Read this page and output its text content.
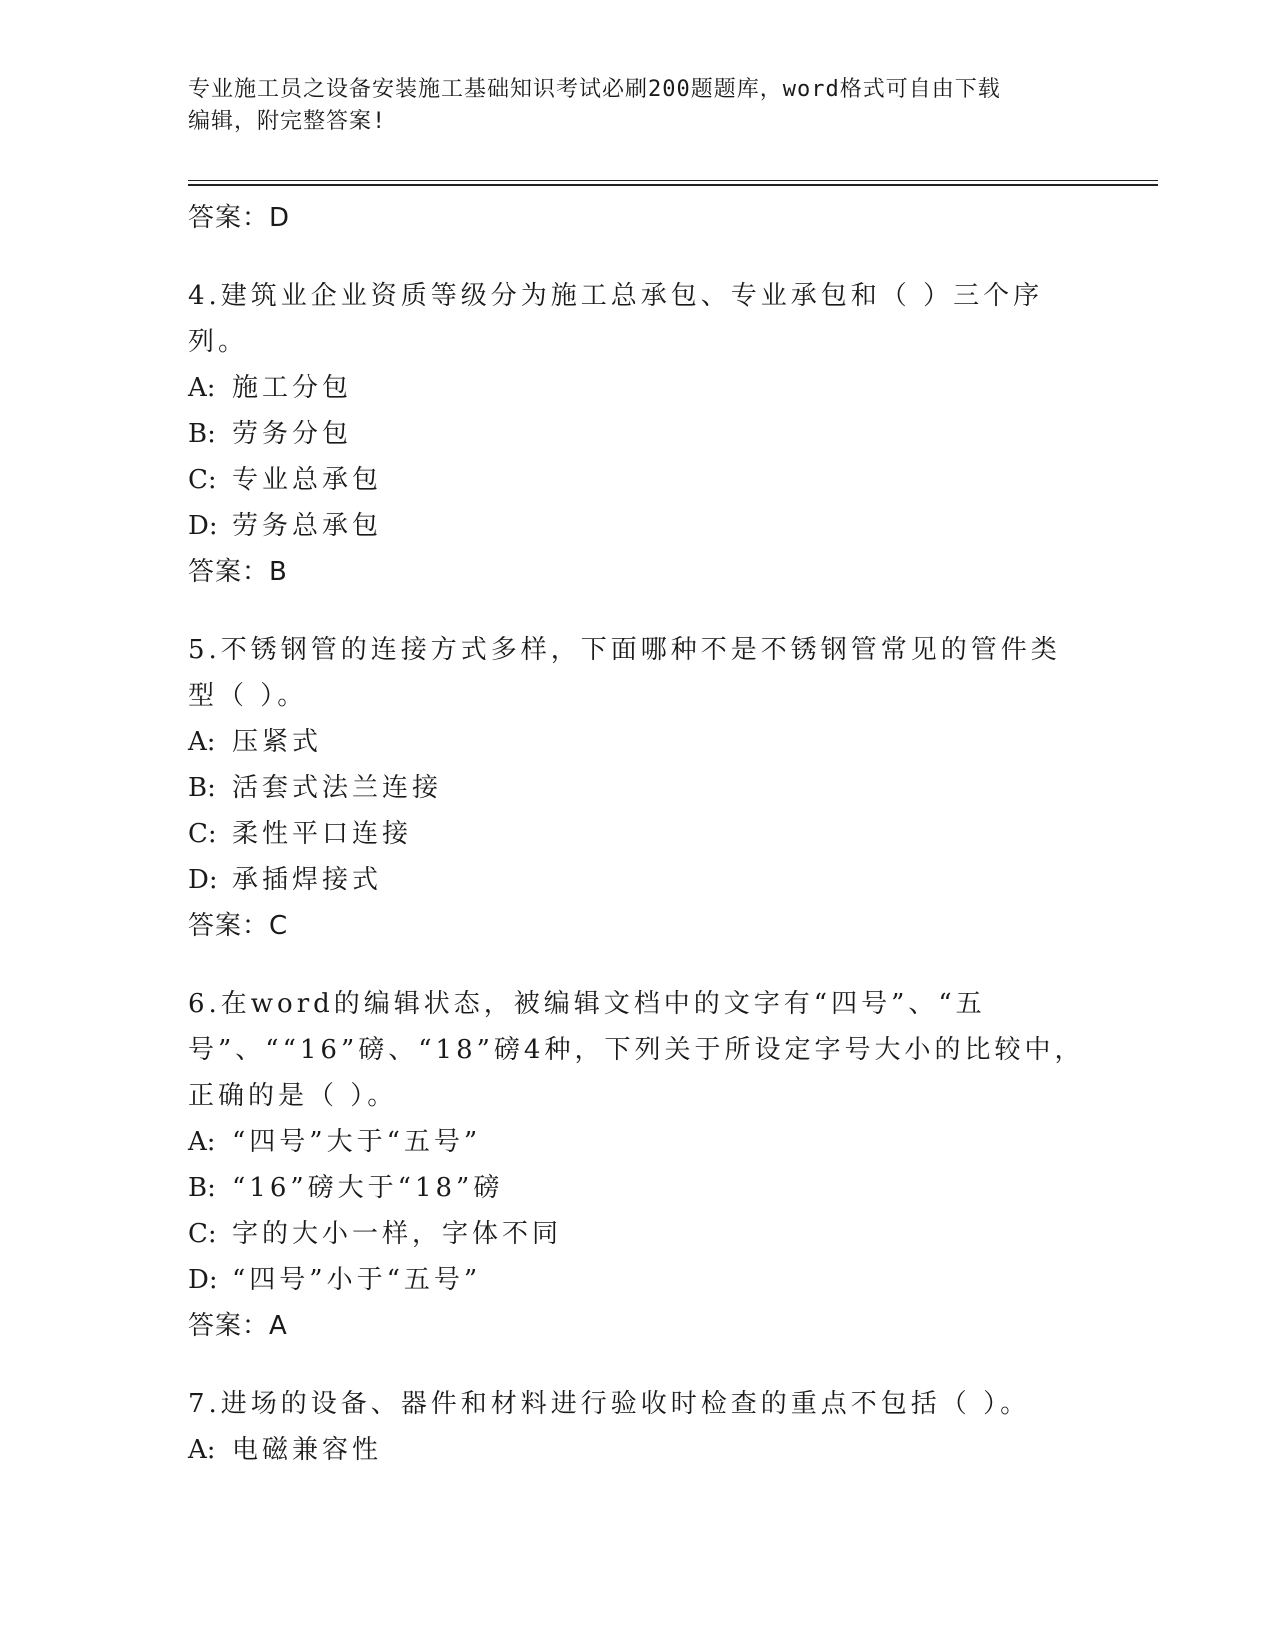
专业施工员之设备安装施工基础知识考试必刷200题题库，word格式可自由下载
编辑，附完整答案!
答案：D
4.建筑业企业资质等级分为施工总承包、专业承包和（ ）三个序列。
A: 施工分包
B: 劳务分包
C: 专业总承包
D: 劳务总承包
答案：B
5.不锈钢管的连接方式多样，下面哪种不是不锈钢管常见的管件类型（ ）。
A: 压紧式
B: 活套式法兰连接
C: 柔性平口连接
D: 承插焊接式
答案：C
6.在word的编辑状态，被编辑文档中的文字有“四号”、“五号”、““16”磅、“18”磅4种，下列关于所设定字号大小的比较中，正确的是（ ）。
A: “四号”大于“五号”
B: “16”磅大于“18”磅
C: 字的大小一样，字体不同
D: “四号”小于“五号”
答案：A
7.进场的设备、器件和材料进行验收时检查的重点不包括（ ）。
A: 电磁兼容性
